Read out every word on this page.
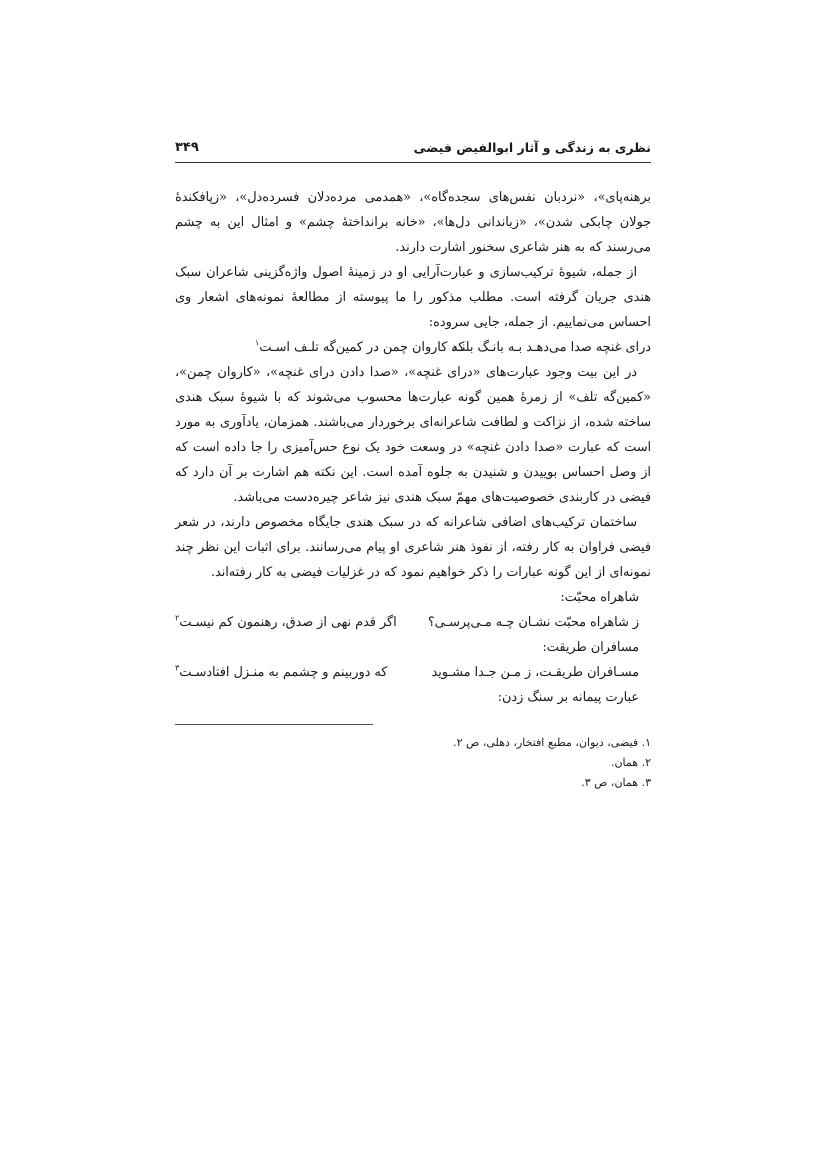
نظری به زندگی و آثار ابوالفیض فیضی
۳۴۹

برهنه‌پای»، «نردبان نفس‌های سجده‌گاه»، «همدمی مرده‌دلان فسرده‌دل»، «زپافکندهٔ جولان چابکی شدن»، «زباندانی دل‌ها»، «خانه برانداختهٔ چشم» و امثال این به چشم می‌رسند که به هنر شاعری سخنور اشارت دارند.

از جمله، شیوهٔ ترکیب‌سازی و عبارت‌آرایی او در زمینهٔ اصول واژه‌گزینی شاعران سبک هندی جریان گرفته است. مطلب مذکور را ما پیوسته از مطالعهٔ نمونه‌های اشعار وی احساس می‌نماییم. از جمله، جایی سروده:

درای غنچه صدا می‌دهـد بـه بانـگ بلنـد
که کاروان چمن در کمین‌گه تلـف اسـت$^۱$

در این بیت وجود عبارت‌های «درای غنچه»، «صدا دادن درای غنچه»، «کاروان چمن»، «کمین‌گه تلف» از زمرهٔ همین گونه عبارت‌ها محسوب می‌شوند که با شیوهٔ سبک هندی ساخته شده، از نزاکت و لطافت شاعرانه‌ای برخوردار می‌باشند. همزمان، یادآوری به مورد است که عبارت «صدا دادن غنچه» در وسعت خود یک نوع حس‌آمیزی را جا داده است که از وصل احساس بوییدن و شنیدن به جلوه آمده است. این نکته هم اشارت بر آن دارد که فیضی در کاربندی خصوصیت‌های مهمّ سبک هندی نیز شاعر چیره‌دست می‌باشد.

ساختمان ترکیب‌های اضافی شاعرانه که در سبک هندی جایگاه مخصوص دارند، در شعر فیضی فراوان به کار رفته، از نفوذ هنر شاعری او پیام می‌رسانند. برای اثبات این نظر چند نمونه‌ای از این گونه عبارات را ذکر خواهیم نمود که در غزلیات فیضی به کار رفته‌اند.

شاهراه محبّت:
ز شاهراه محبّت نشـان چـه مـی‌پرسـی؟
اگر قدم نهی از صدق، رهنمون کم نیسـت$^۲$
مسافران طریقت:
مسـافران طریقـت، ز مـن جـدا مشـوید
که دوربینم و چشمم به منـزل افتادسـت$^۳$
عبارت پیمانه بر سنگ زدن:
۱. فیضی، دیوان، مطبع افتخار، دهلی، ص ۲.
۲. همان.
۳. همان، ص ۳.
